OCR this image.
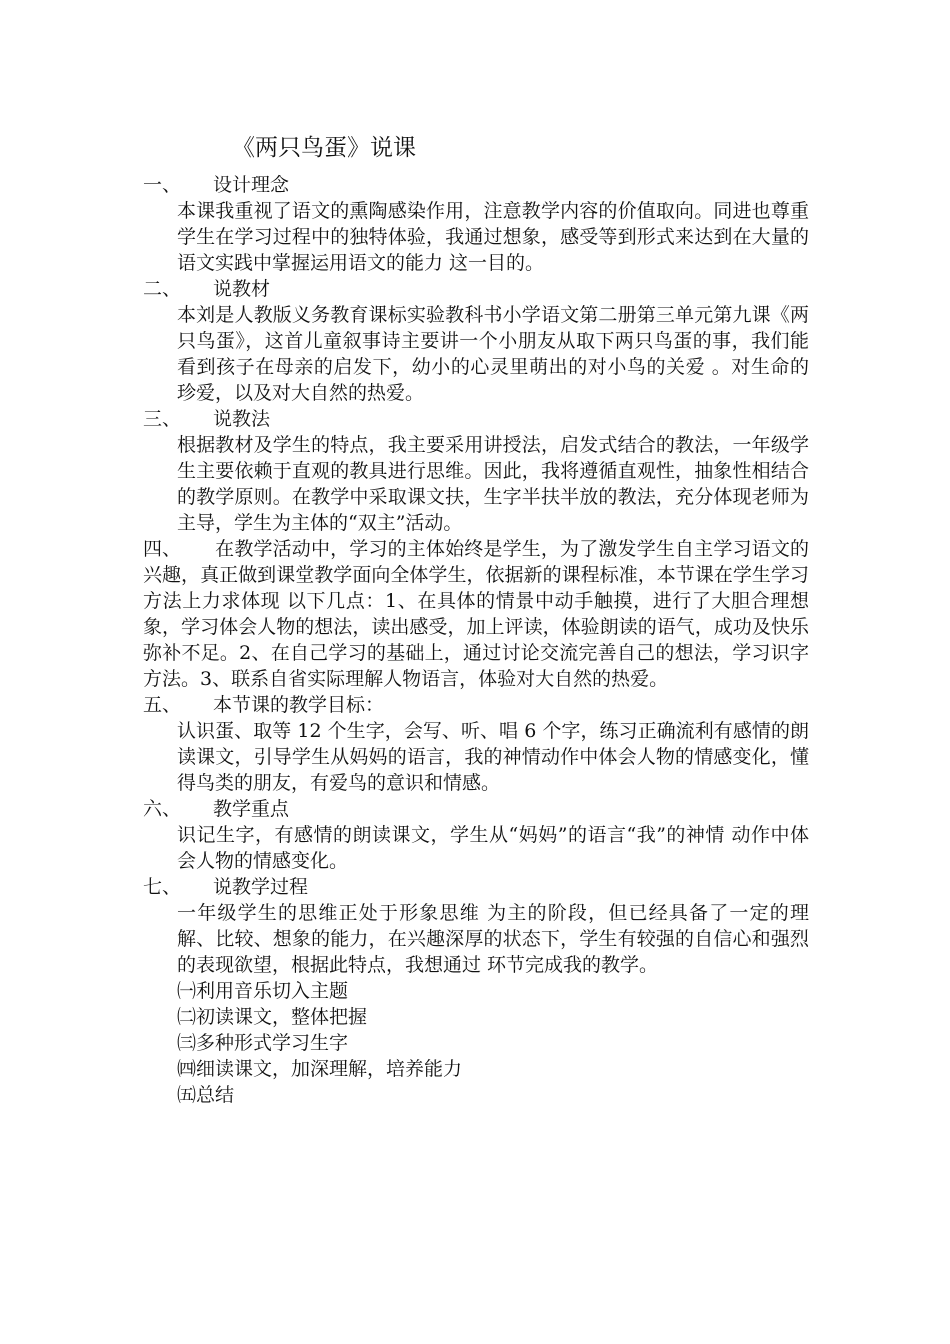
《两只鸟蛋》说课
一、 设计理念
本课我重视了语文的熏陶感染作用，注意教学内容的价值取向。同进也尊重学生在学习过程中的独特体验，我通过想象，感受等到形式来达到在大量的语文实践中掌握运用语文的能力 这一目的。
二、 说教材
本刘是人教版义务教育课标实验教科书小学语文第二册第三单元第九课《两只鸟蛋》，这首儿童叙事诗主要讲一个小朋友从取下两只鸟蛋的事，我们能看到孩子在母亲的启发下，幼小的心灵里萌出的对小鸟的关爱 。对生命的珍爱，以及对大自然的热爱。
三、 说教法
根据教材及学生的特点，我主要采用讲授法，启发式结合的教法，一年级学生主要依赖于直观的教具进行思维。因此，我将遵循直观性，抽象性相结合的教学原则。在教学中采取课文扶，生字半扶半放的教法，充分体现老师为主导，学生为主体的“双主”活动。
四、 在教学活动中，学习的主体始终是学生，为了激发学生自主学习语文的兴趣，真正做到课堂教学面向全体学生，依据新的课程标准，本节课在学生学习方法上力求体现 以下几点：1、在具体的情景中动手触摸，进行了大胆合理想象，学习体会人物的想法，读出感受，加上评读，体验朗读的语气，成功及快乐弥补不足。2、在自己学习的基础上，通过讨论交流完善自己的想法，学习识字方法。3、联系自省实际理解人物语言，体验对大自然的热爱。
五、 本节课的教学目标：
认识蛋、取等 12 个生字，会写、听、唱 6 个字，练习正确流利有感情的朗读课文，引导学生从妈妈的语言，我的神情动作中体会人物的情感变化，懂得鸟类的朋友，有爱鸟的意识和情感。
六、 教学重点
识记生字，有感情的朗读课文，学生从“妈妈”的语言“我”的神情 动作中体会人物的情感变化。
七、 说教学过程
一年级学生的思维正处于形象思维 为主的阶段，但已经具备了一定的理解、比较、想象的能力，在兴趣深厚的状态下，学生有较强的自信心和强烈的表现欲望，根据此特点，我想通过 环节完成我的教学。
㈠利用音乐切入主题
㈡初读课文，整体把握
㈢多种形式学习生字
㈣细读课文，加深理解，培养能力
㈤总结
